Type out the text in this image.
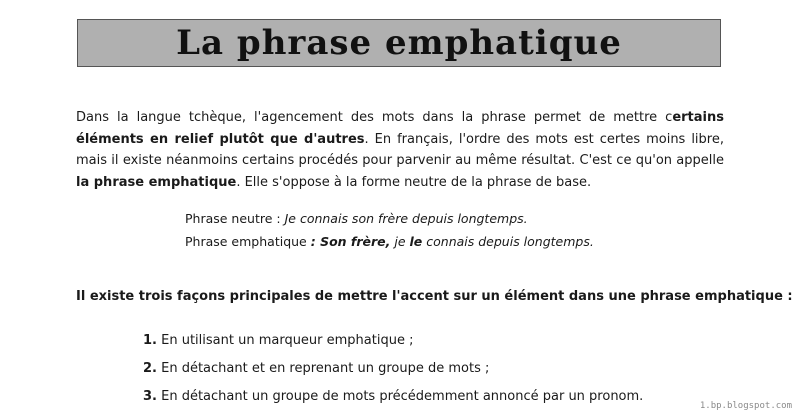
La phrase emphatique

Dans la langue tchèque, l'agencement des mots dans la phrase permet de mettre certains éléments en relief plutôt que d'autres. En français, l'ordre des mots est certes moins libre, mais il existe néanmoins certains procédés pour parvenir au même résultat. C'est ce qu'on appelle la phrase emphatique. Elle s'oppose à la forme neutre de la phrase de base.

Phrase neutre : Je connais son frère depuis longtemps.
Phrase emphatique : Son frère, je le connais depuis longtemps.
Il existe trois façons principales de mettre l'accent sur un élément dans une phrase emphatique :
1. En utilisant un marqueur emphatique ;
2. En détachant et en reprenant un groupe de mots ;
3. En détachant un groupe de mots précédemment annoncé par un pronom.
1.bp.blogspot.com
